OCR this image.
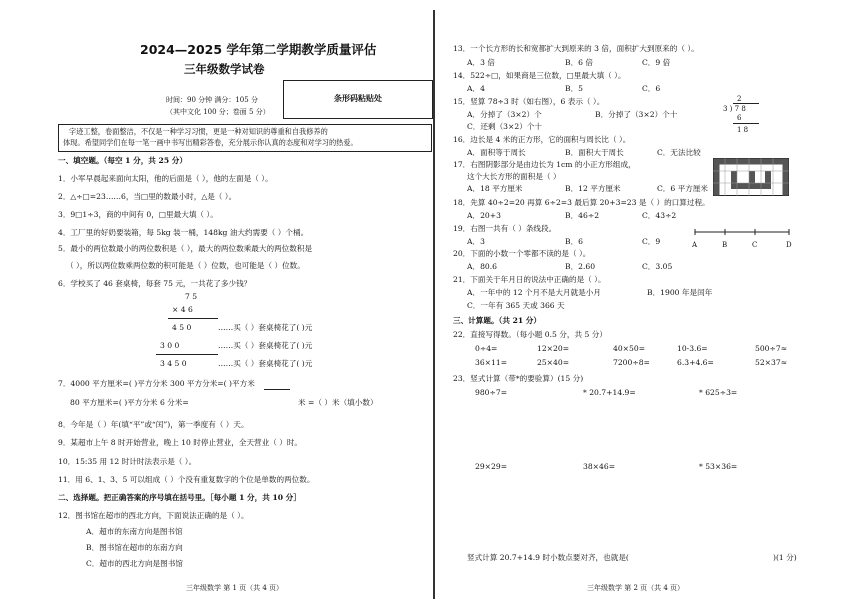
2024—2025 学年第二学期教学质量评估
三年级数学试卷
时间：90 分钟 满分：105 分
（其中文化 100 分；卷面 5 分）
条形码粘贴处
字迹工整，卷面整洁，不仅是一种学习习惯，更是一种对知识的尊重和自我修养的
体现。希望同学们在每一笔一画中书写出精彩答卷，充分展示你认真的态度和对学习的热爱。
一、填空题。（每空 1 分，共 25 分）
1．小军早晨起来面向太阳，他的后面是（ ），他的左面是（ ）。
2．△÷□=23……6，当□里的数最小时，△是（ ）。
3．9□1÷3，商的中间有 0，□里最大填（ ）。
4．工厂里的好奶要装箱，每 5kg 装一桶，148kg 油大约需要（ ）个桶。
5．最小的两位数最小的两位数积是（ ），最大的两位数乘最大的两位数积是
（ ），所以两位数乘两位数的积可能是（ ）位数，也可能是（ ）位数。
6．学校买了 46 套桌椅，每套 75 元，一共花了多少钱？
7 5
× 4 6
4 5 0	……买（ ）套桌椅花了( )元
3 0 0	……买（ ）套桌椅花了( )元
3 4 5 0	……买（ ）套桌椅花了( )元
7．4000 平方厘米=( )平方分米 300 平方分米=( )平方米
80 平方厘米=( )平方分米 6 分米=	米 =（ ）米（填小数）
8．今年是（ ）年(填“平”或“闰”)，第一季度有（ ）天。
9．某超市上午 8 时开始营业，晚上 10 时停止营业，全天营业（ ）时。
10．15:35 用 12 时计时法表示是（ ）。
11．用 6、1、3、5 可以组成（ ）个没有重复数字的个位是单数的两位数。
二、选择题。把正确答案的序号填在括号里。［每小题 1 分，共 10 分］
12．图书馆在超市的西北方向，下面说法正确的是（ ）。
A．超市的东南方向是图书馆
B．图书馆在超市的东南方向
C．超市的西北方向是图书馆
三年级数学 第 1 页（共 4 页）
13．一个长方形的长和宽都扩大到原来的 3 倍，面积扩大到原来的（ ）。
A．3 倍	B．6 倍	C．9 倍
14．522÷□，如果商是三位数，□里最大填（ ）。
A．4	B．5	C．6
15．竖算 78÷3 时（如右图），6 表示（ ）。
A．分掉了（3×2）个	B．分掉了（3×2）个十
C．还剩（3×2）个十
2
3 ) 7 8
6
1 8
16．边长是 4 米的正方形，它的面积与周长比（ ）。
A．面积等于周长	B．面积大于周长	C．无法比较
17．右图阴影部分是由边长为 1cm 的小正方形组成，
这个大长方形的面积是（ ）
A．18 平方厘米	B．12 平方厘米	C．6 平方厘米
18．先算 40÷2=20 再算 6÷2=3 最后算 20+3=23 是（ ）的口算过程。
A．20+3	B．46÷2	C．43÷2
19．右图一共有（ ）条线段。
A．3	B．6	C．9	A	B	C	D
20．下面的小数一个零都不读的是（ ）。
A．80.6	B．2.60	C．3.05
21．下面关于年月日的说法中正确的是（ ）。
A．一年中的 12 个月不是大月就是小月	B．1900 年是闰年
C．一年有 365 天或 366 天
三、计算题。（共 21 分）
22．直接写得数。（每小题 0.5 分，共 5 分）
0÷4=	12×20=	40×50=	10-3.6=	500÷7≈
36×11=	25×40=	7200÷8=	6.3+4.6=	52×37≈
23．竖式计算（带*的要验算）(15 分)
980÷7=	* 20.7+14.9=	* 625÷3=
29×29=	38×46=	* 53×36=
竖式计算 20.7+14.9 时小数点要对齐，也就是(	)(1 分)
三年级数学 第 2 页（共 4 页）
